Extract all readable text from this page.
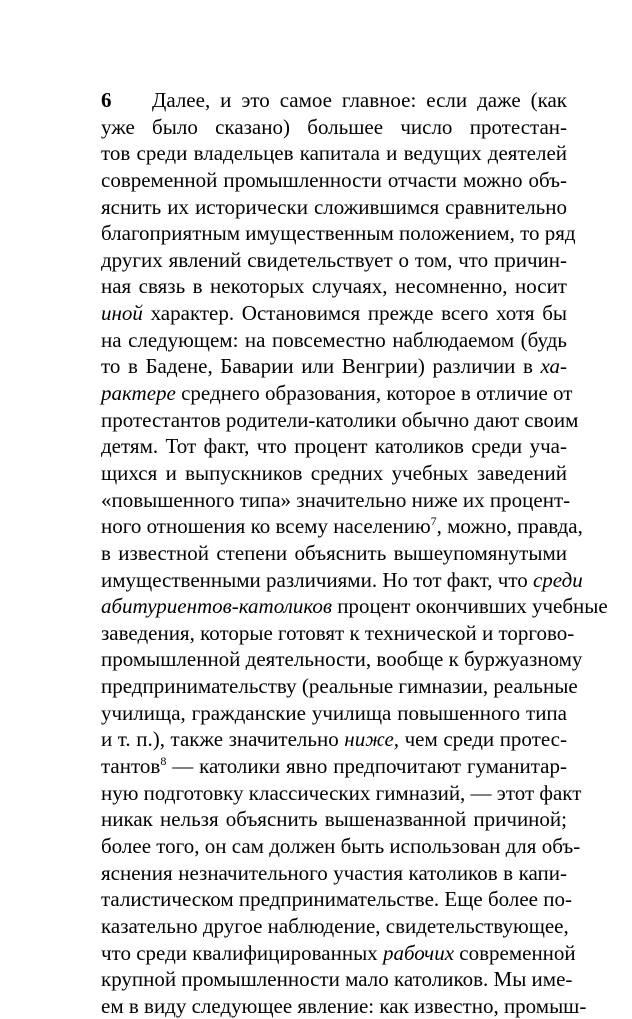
6	Далее, и это самое главное: если даже (как
уже было сказано) большее число протестан-
тов среди владельцев капитала и ведущих деятелей
современной промышленности отчасти можно объ-
яснить их исторически сложившимся сравнительно
благоприятным имущественным положением, то ряд
других явлений свидетельствует о том, что причин-
ная связь в некоторых случаях, несомненно, носит
иной характер. Остановимся прежде всего хотя бы
на следующем: на повсеместно наблюдаемом (будь
то в Бадене, Баварии или Венгрии) различии в ха-
рактере среднего образования, которое в отличие от
протестантов родители-католики обычно дают своим
детям. Тот факт, что процент католиков среди уча-
щихся и выпускников средних учебных заведений
«повышенного типа» значительно ниже их процент-
ного отношения ко всему населению$^7$, можно, правда,
в известной степени объяснить вышеупомянутыми
имущественными различиями. Но тот факт, что среди
абитуриентов-католиков процент окончивших учебные
заведения, которые готовят к технической и торгово-
промышленной деятельности, вообще к буржуазному
предпринимательству (реальные гимназии, реальные
училища, гражданские училища повышенного типа
и т. п.), также значительно ниже, чем среди протес-
тантов$^8$ — католики явно предпочитают гуманитар-
ную подготовку классических гимназий, — этот факт
никак нельзя объяснить вышеназванной причиной;
более того, он сам должен быть использован для объ-
яснения незначительного участия католиков в капи-
талистическом предпринимательстве. Еще более по-
казательно другое наблюдение, свидетельствующее,
что среди квалифицированных рабочих современной
крупной промышленности мало католиков. Мы име-
ем в виду следующее явление: как известно, промыш-
